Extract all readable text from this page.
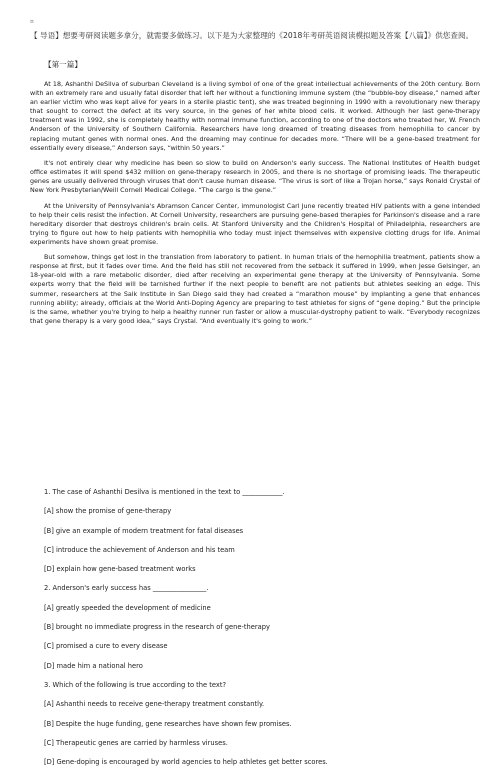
¤
【 导语】想要考研阅读题多拿分，就需要多做练习。以下是为大家整理的《2018年考研英语阅读模拟题及答案【八篇】》供您查阅。
【第一篇】

At 18, Ashanthi DeSilva of suburban Cleveland is a living symbol of one of the great intellectual achievements of the 20th century. Born with an extremely rare and usually fatal disorder that left her without a functioning immune system (the “bubble-boy disease,” named after an earlier victim who was kept alive for years in a sterile plastic tent), she was treated beginning in 1990 with a revolutionary new therapy that sought to correct the defect at its very source, in the genes of her white blood cells. It worked. Although her last gene-therapy treatment was in 1992, she is completely healthy with normal immune function, according to one of the doctors who treated her, W. French Anderson of the University of Southern California. Researchers have long dreamed of treating diseases from hemophilia to cancer by replacing mutant genes with normal ones. And the dreaming may continue for decades more. “There will be a gene-based treatment for essentially every disease,” Anderson says, “within 50 years.”

It's not entirely clear why medicine has been so slow to build on Anderson's early success. The National Institutes of Health budget office estimates it will spend $432 million on gene-therapy research in 2005, and there is no shortage of promising leads. The therapeutic genes are usually delivered through viruses that don't cause human disease. “The virus is sort of like a Trojan horse,” says Ronald Crystal of New York Presbyterian/Weill Cornell Medical College. “The cargo is the gene.”

At the University of Pennsylvania's Abramson Cancer Center, immunologist Carl June recently treated HIV patients with a gene intended to help their cells resist the infection. At Cornell University, researchers are pursuing gene-based therapies for Parkinson's disease and a rare hereditary disorder that destroys children's brain cells. At Stanford University and the Children's Hospital of Philadelphia, researchers are trying to figure out how to help patients with hemophilia who today must inject themselves with expensive clotting drugs for life. Animal experiments have shown great promise.

But somehow, things get lost in the translation from laboratory to patient. In human trials of the hemophilia treatment, patients show a response at first, but it fades over time. And the field has still not recovered from the setback it suffered in 1999, when Jesse Gelsinger, an 18-year-old with a rare metabolic disorder, died after receiving an experimental gene therapy at the University of Pennsylvania. Some experts worry that the field will be tarnished further if the next people to benefit are not patients but athletes seeking an edge. This summer, researchers at the Salk Institute in San Diego said they had created a “marathon mouse” by implanting a gene that enhances running ability; already, officials at the World Anti-Doping Agency are preparing to test athletes for signs of “gene doping.” But the principle is the same, whether you're trying to help a healthy runner run faster or allow a muscular-dystrophy patient to walk. “Everybody recognizes that gene therapy is a very good idea,” says Crystal. “And eventually it's going to work.”

1. The case of Ashanthi Desilva is mentioned in the text to ____________.
[A] show the promise of gene-therapy
[B] give an example of modern treatment for fatal diseases
[C] introduce the achievement of Anderson and his team
[D] explain how gene-based treatment works
2. Anderson's early success has ________________.
[A] greatly speeded the development of medicine
[B] brought no immediate progress in the research of gene-therapy
[C] promised a cure to every disease
[D] made him a national hero
3. Which of the following is true according to the text?
[A] Ashanthi needs to receive gene-therapy treatment constantly.
[B] Despite the huge funding, gene researches have shown few promises.
[C] Therapeutic genes are carried by harmless viruses.
[D] Gene-doping is encouraged by world agencies to help athletes get better scores.
